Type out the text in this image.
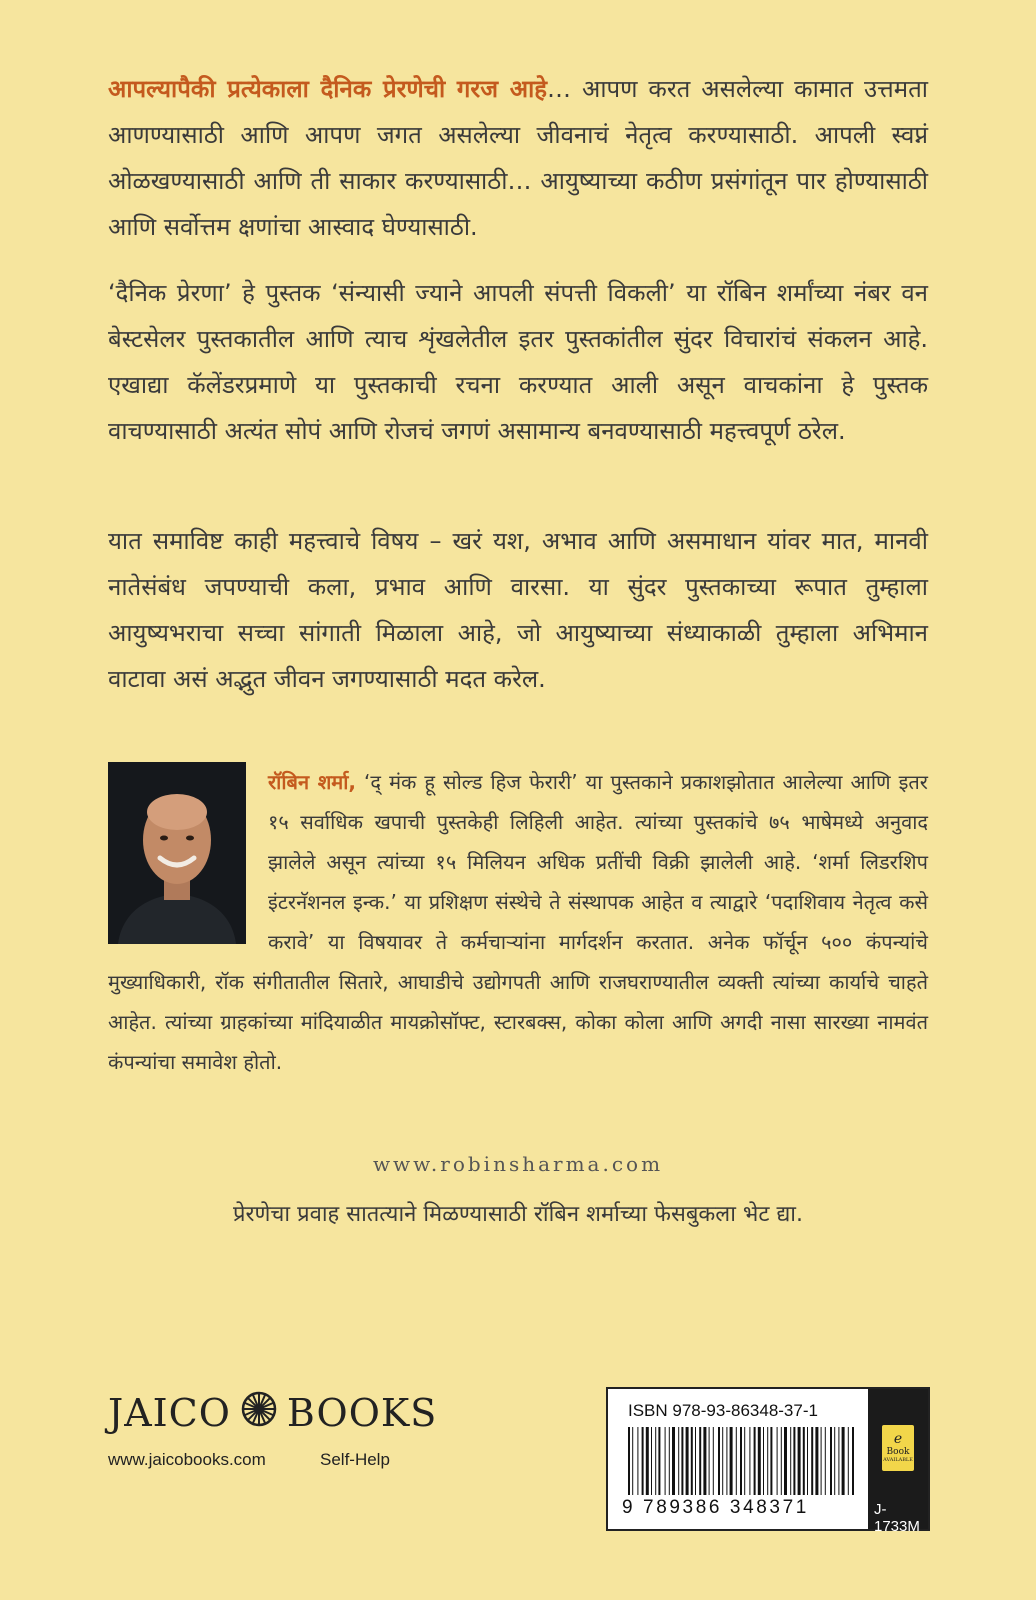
आपल्यापैकी प्रत्येकाला दैनिक प्रेरणेची गरज आहे… आपण करत असलेल्या कामात उत्तमता आणण्यासाठी आणि आपण जगत असलेल्या जीवनाचं नेतृत्व करण्यासाठी. आपली स्वप्नं ओळखण्यासाठी आणि ती साकार करण्यासाठी… आयुष्याच्या कठीण प्रसंगांतून पार होण्यासाठी आणि सर्वोत्तम क्षणांचा आस्वाद घेण्यासाठी.

‘दैनिक प्रेरणा’ हे पुस्तक ‘संन्यासी ज्याने आपली संपत्ती विकली’ या रॉबिन शर्मांच्या नंबर वन बेस्टसेलर पुस्तकातील आणि त्याच शृंखलेतील इतर पुस्तकांतील सुंदर विचारांचं संकलन आहे. एखाद्या कॅलेंडरप्रमाणे या पुस्तकाची रचना करण्यात आली असून वाचकांना हे पुस्तक वाचण्यासाठी अत्यंत सोपं आणि रोजचं जगणं असामान्य बनवण्यासाठी महत्त्वपूर्ण ठरेल.

यात समाविष्ट काही महत्त्वाचे विषय – खरं यश, अभाव आणि असमाधान यांवर मात, मानवी नातेसंबंध जपण्याची कला, प्रभाव आणि वारसा. या सुंदर पुस्तकाच्या रूपात तुम्हाला आयुष्यभराचा सच्चा सांगाती मिळाला आहे, जो आयुष्याच्या संध्याकाळी तुम्हाला अभिमान वाटावा असं अद्भुत जीवन जगण्यासाठी मदत करेल.

रॉबिन शर्मा, ‘द् मंक हू सोल्ड हिज फेरारी’ या पुस्तकाने प्रकाशझोतात आलेल्या आणि इतर १५ सर्वाधिक खपाची पुस्तकेही लिहिली आहेत. त्यांच्या पुस्तकांचे ७५ भाषेमध्ये अनुवाद झालेले असून त्यांच्या १५ मिलियन अधिक प्रतींची विक्री झालेली आहे. ‘शर्मा लिडरशिप इंटरनॅशनल इन्क.’ या प्रशिक्षण संस्थेचे ते संस्थापक आहेत व त्याद्वारे ‘पदाशिवाय नेतृत्व कसे करावे’ या विषयावर ते कर्मचाऱ्यांना मार्गदर्शन करतात. अनेक फॉर्चून ५०० कंपन्यांचे मुख्याधिकारी, रॉक संगीतातील सितारे, आघाडीचे उद्योगपती आणि राजघराण्यातील व्यक्ती त्यांच्या कार्याचे चाहते आहेत. त्यांच्या ग्राहकांच्या मांदियाळीत मायक्रोसॉफ्ट, स्टारबक्स, कोका कोला आणि अगदी नासा सारख्या नामवंत कंपन्यांचा समावेश होतो.

www.robinsharma.com
प्रेरणेचा प्रवाह सातत्याने मिळण्यासाठी रॉबिन शर्माच्या फेसबुकला भेट द्या.
JAICO BOOKS
www.jaicobooks.com	Self-Help
ISBN 978-93-86348-37-1
9 789386 348371
e
Book
AVAILABLE
J-1733M
